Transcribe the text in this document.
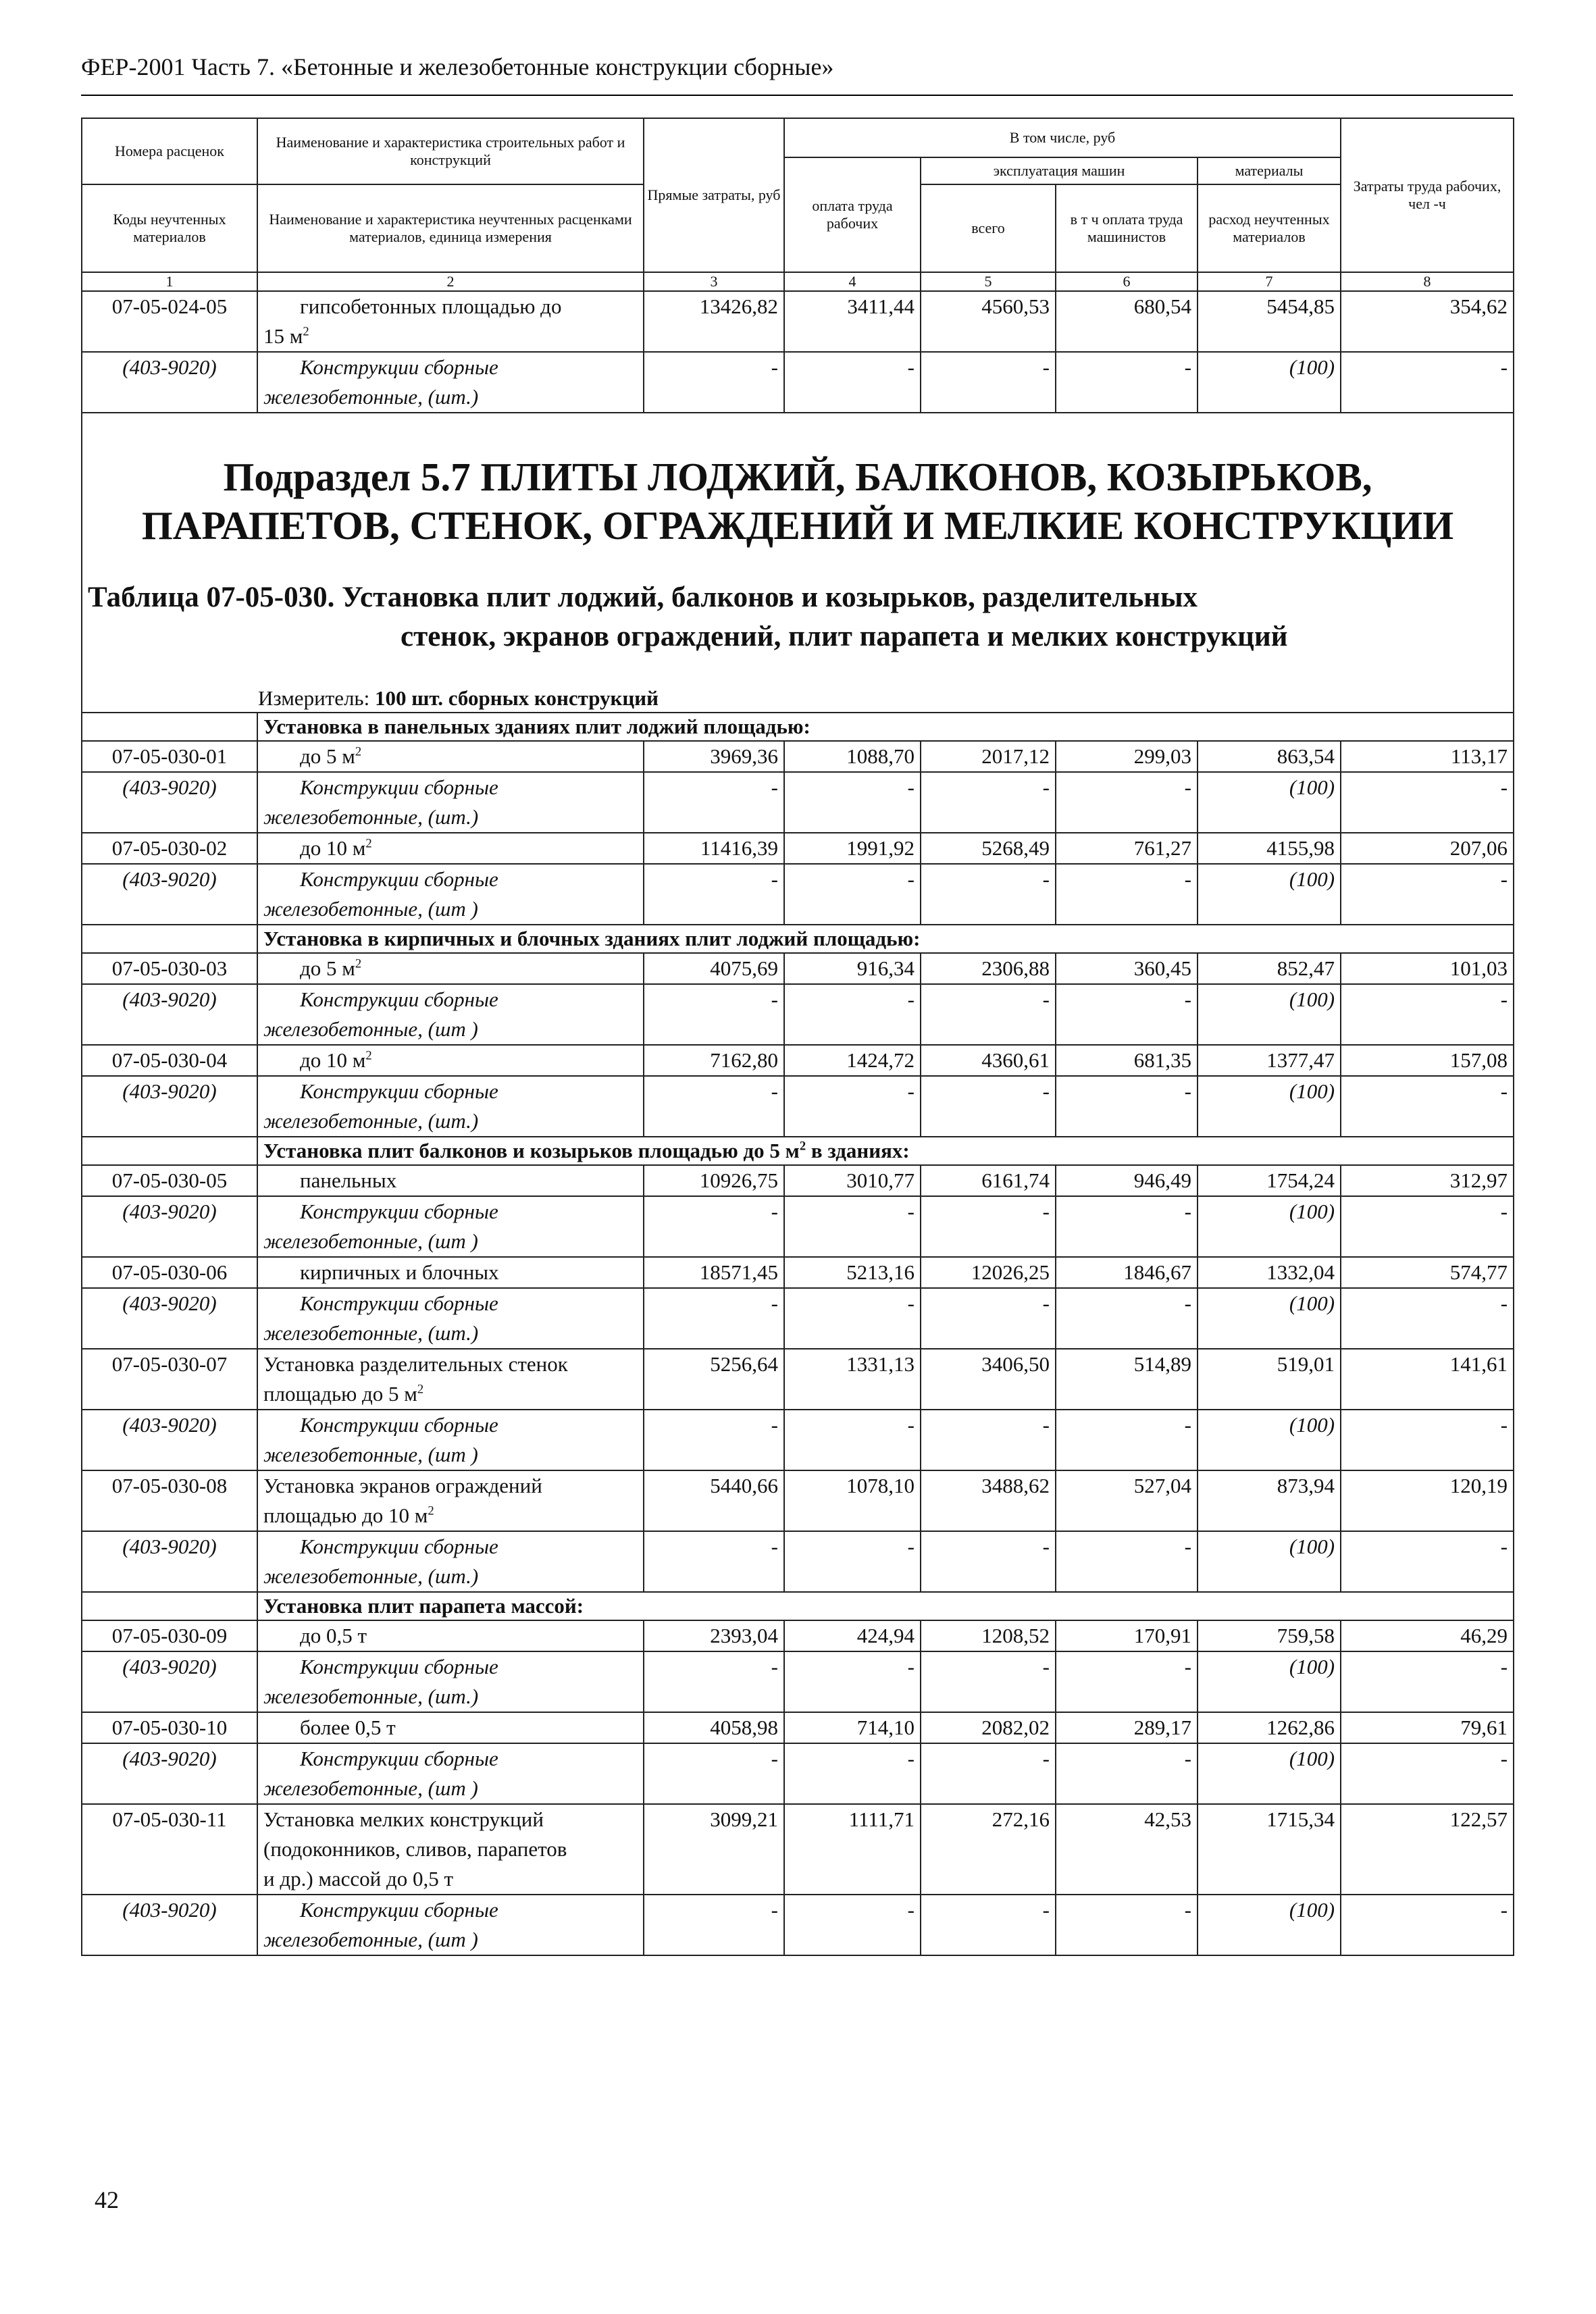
ФЕР-2001 Часть 7. «Бетонные и железобетонные конструкции сборные»
Номера расценок	Наименование и характеристика строительных работ и конструкций	Прямые затраты, руб	В том числе, руб				Затраты труда рабочих, чел -ч
			оплата труда рабочих	эксплуатация машин		материалы	
Коды неучтенных материалов	Наименование и характеристика неучтенных расценками материалов, единица измерения			всего	в т ч оплата труда машинистов	расход неучтенных материалов	

1	2	3	4	5	6	7	8
07-05-024-05	гипсобетонных площадью до
15 $м^2$	13426,82	3411,44	4560,53	680,54	5454,85	354,62
(403-9020)	Конструкции сборные
железобетонные, (шт.)	-	-	-	-	(100)	-

Подраздел 5.7 ПЛИТЫ ЛОДЖИЙ, БАЛКОНОВ, КОЗЫРЬКОВ,
ПАРАПЕТОВ, СТЕНОК, ОГРАЖДЕНИЙ И МЕЛКИЕ КОНСТРУКЦИИ
Таблица 07-05-030. Установка плит лоджий, балконов и козырьков, разделительных
стенок, экранов ограждений, плит парапета и мелких конструкций
Измеритель: 100 шт. сборных конструкций							

	Установка в панельных зданиях плит лоджий площадью:						
07-05-030-01	до 5 $м^2$	3969,36	1088,70	2017,12	299,03	863,54	113,17
(403-9020)	Конструкции сборные
железобетонные, (шт.)	-	-	-	-	(100)	-
07-05-030-02	до 10 $м^2$	11416,39	1991,92	5268,49	761,27	4155,98	207,06
(403-9020)	Конструкции сборные
железобетонные, (шт )	-	-	-	-	(100)	-
	Установка в кирпичных и блочных зданиях плит лоджий площадью:						
07-05-030-03	до 5 $м^2$	4075,69	916,34	2306,88	360,45	852,47	101,03
(403-9020)	Конструкции сборные
железобетонные, (шт )	-	-	-	-	(100)	-
07-05-030-04	до 10 $м^2$	7162,80	1424,72	4360,61	681,35	1377,47	157,08
(403-9020)	Конструкции сборные
железобетонные, (шт.)	-	-	-	-	(100)	-
	Установка плит балконов и козырьков площадью до 5 $м^2$ в зданиях:						
07-05-030-05	панельных	10926,75	3010,77	6161,74	946,49	1754,24	312,97
(403-9020)	Конструкции сборные
железобетонные, (шт )	-	-	-	-	(100)	-
07-05-030-06	кирпичных и блочных	18571,45	5213,16	12026,25	1846,67	1332,04	574,77
(403-9020)	Конструкции сборные
железобетонные, (шт.)	-	-	-	-	(100)	-
07-05-030-07	Установка разделительных стенок
площадью до 5 $м^2$	5256,64	1331,13	3406,50	514,89	519,01	141,61
(403-9020)	Конструкции сборные
железобетонные, (шт )	-	-	-	-	(100)	-
07-05-030-08	Установка экранов ограждений
площадью до 10 $м^2$	5440,66	1078,10	3488,62	527,04	873,94	120,19
(403-9020)	Конструкции сборные
железобетонные, (шт.)	-	-	-	-	(100)	-
	Установка плит парапета массой:						
07-05-030-09	до 0,5 т	2393,04	424,94	1208,52	170,91	759,58	46,29
(403-9020)	Конструкции сборные
железобетонные, (шт.)	-	-	-	-	(100)	-
07-05-030-10	более 0,5 т	4058,98	714,10	2082,02	289,17	1262,86	79,61
(403-9020)	Конструкции сборные
железобетонные, (шт )	-	-	-	-	(100)	-
07-05-030-11	Установка мелких конструкций
(подоконников, сливов, парапетов
и др.) массой до 0,5 т	3099,21	1111,71	272,16	42,53	1715,34	122,57
(403-9020)	Конструкции сборные
железобетонные, (шт )	-	-	-	-	(100)	-
42
